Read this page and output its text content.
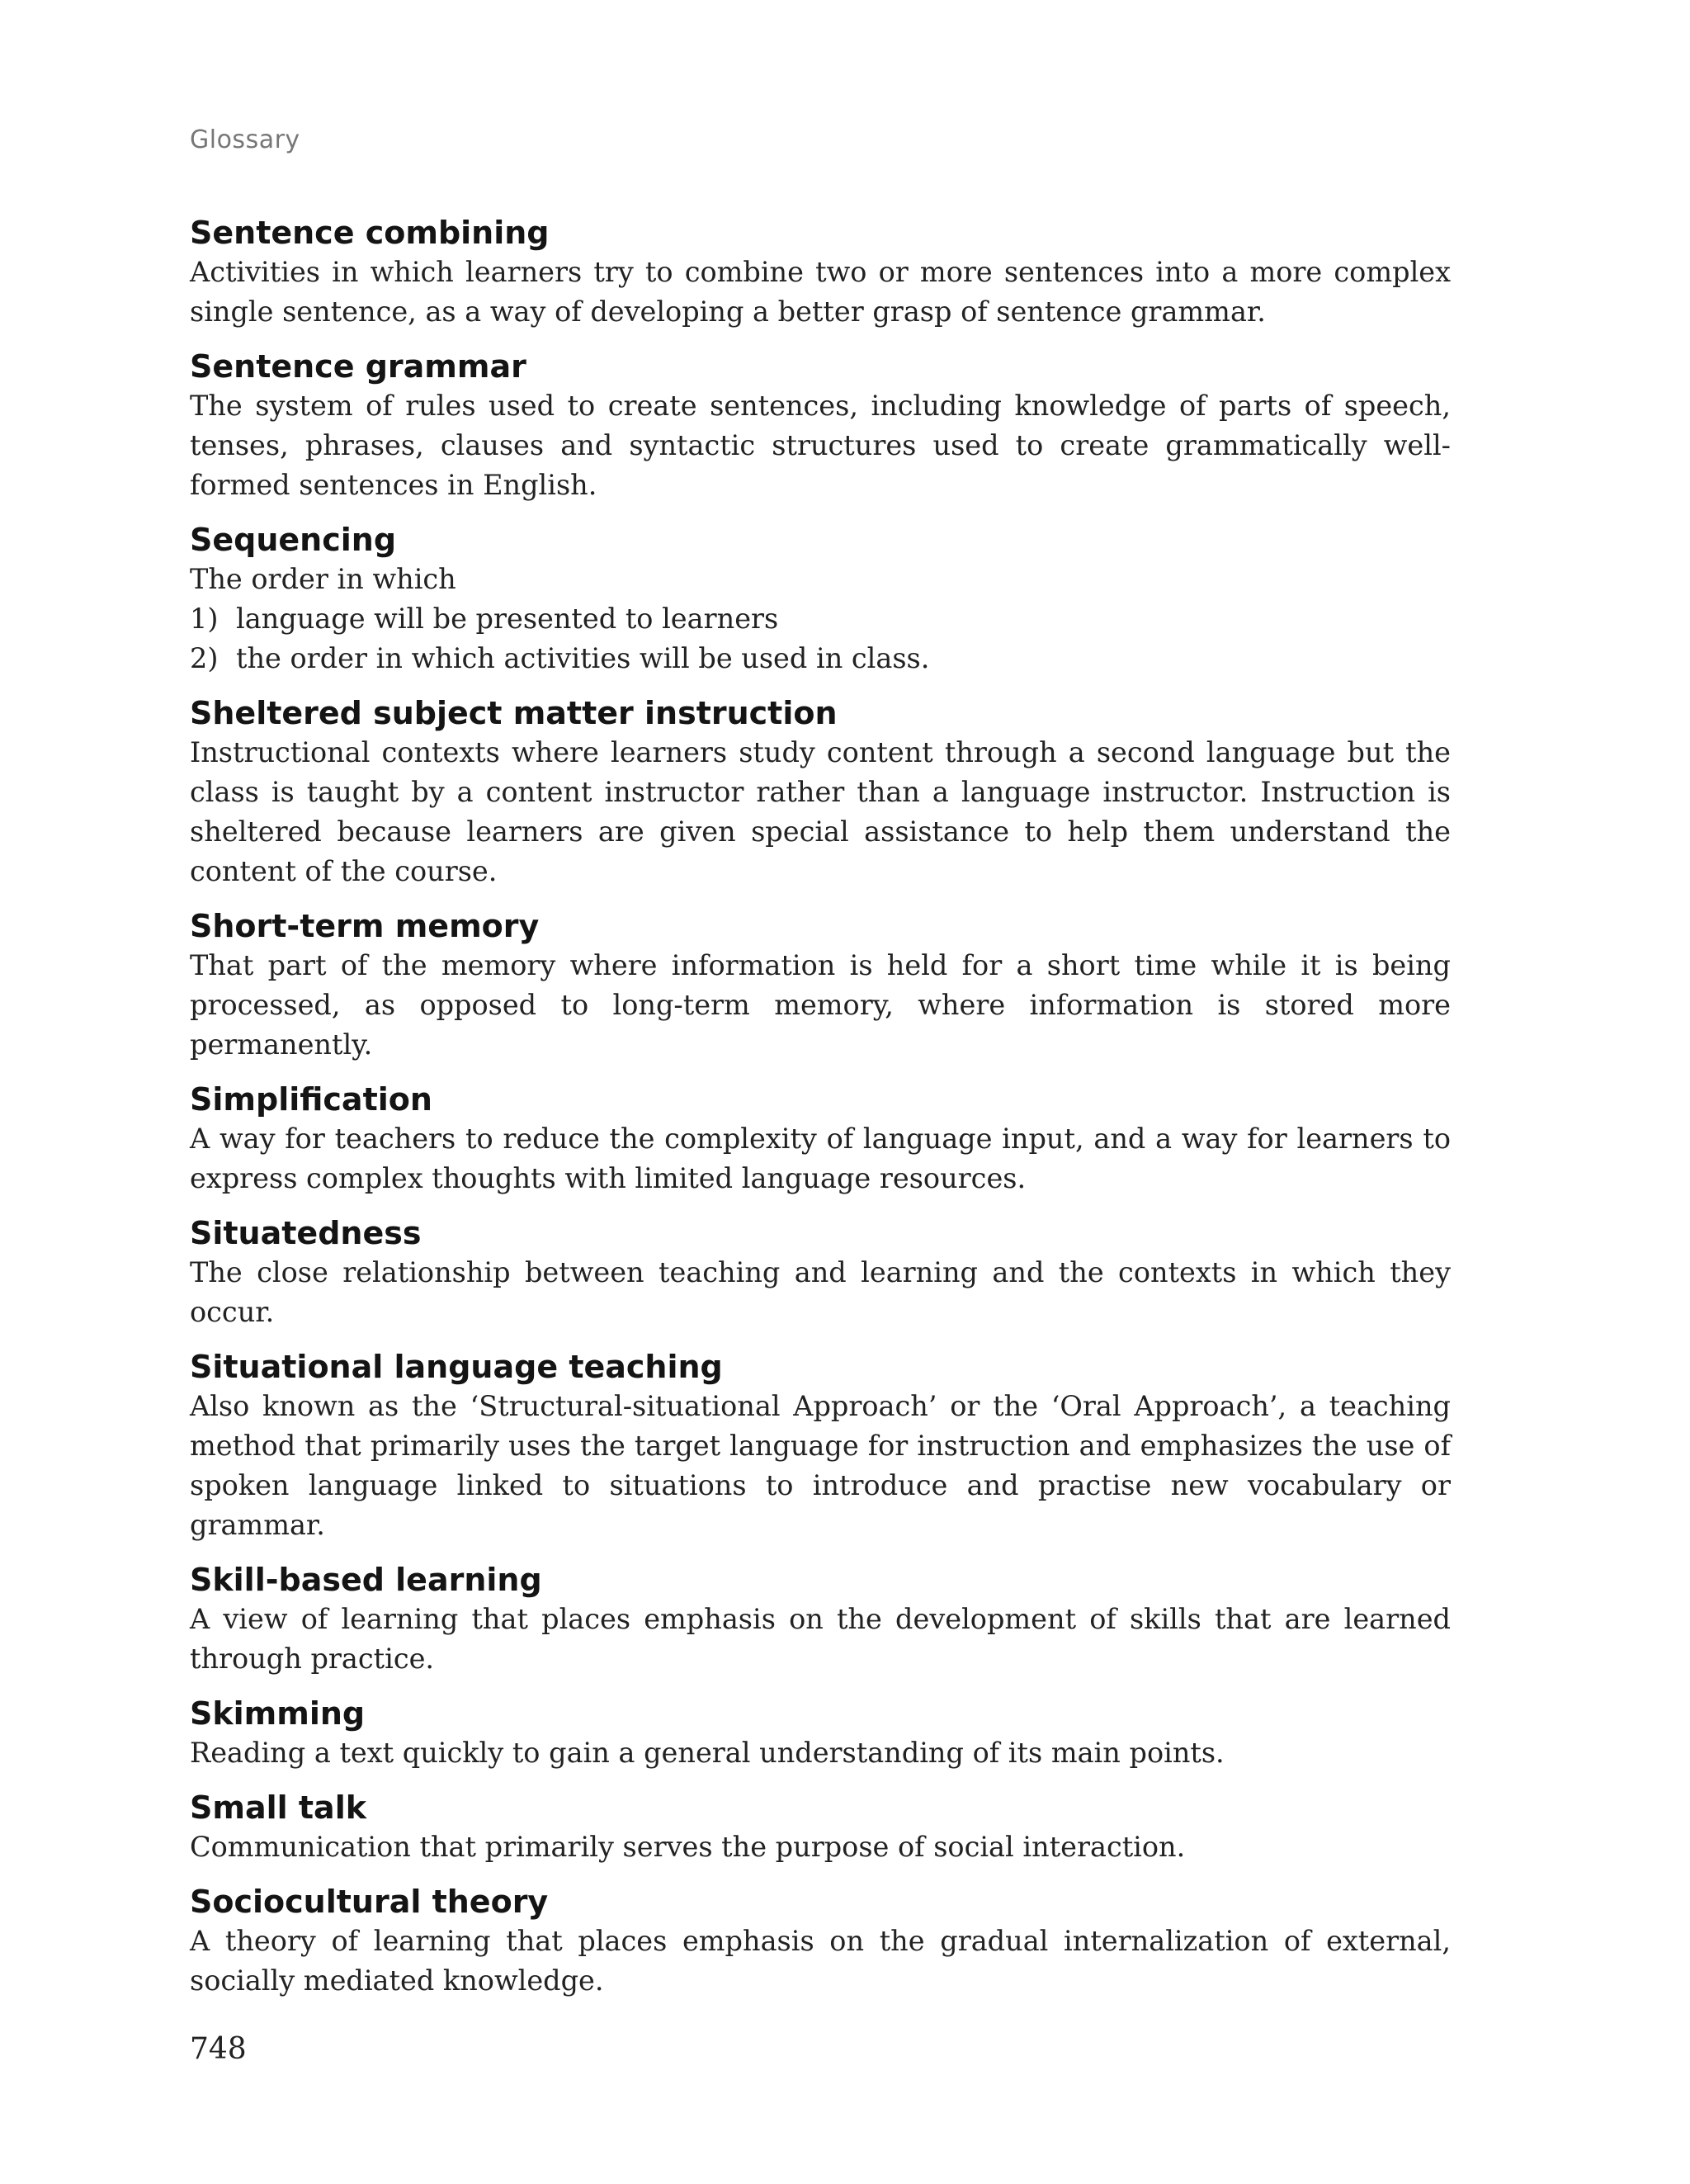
Glossary

Sentence combining

Activities in which learners try to combine two or more sentences into a more complex single sentence, as a way of developing a better grasp of sentence grammar.

Sentence grammar

The system of rules used to create sentences, including knowledge of parts of speech, tenses, phrases, clauses and syntactic structures used to create grammatically well-formed sentences in English.

Sequencing

The order in which

1) language will be presented to learners

2) the order in which activities will be used in class.

Sheltered subject matter instruction

Instructional contexts where learners study content through a second language but the class is taught by a content instructor rather than a language instructor. Instruction is sheltered because learners are given special assistance to help them understand the content of the course.

Short-term memory

That part of the memory where information is held for a short time while it is being processed, as opposed to long-term memory, where information is stored more permanently.

Simplification

A way for teachers to reduce the complexity of language input, and a way for learners to express complex thoughts with limited language resources.

Situatedness

The close relationship between teaching and learning and the contexts in which they occur.

Situational language teaching

Also known as the ‘Structural-situational Approach’ or the ‘Oral Approach’, a teaching method that primarily uses the target language for instruction and emphasizes the use of spoken language linked to situations to introduce and practise new vocabulary or grammar.

Skill-based learning

A view of learning that places emphasis on the development of skills that are learned through practice.

Skimming

Reading a text quickly to gain a general understanding of its main points.

Small talk

Communication that primarily serves the purpose of social interaction.

Sociocultural theory

A theory of learning that places emphasis on the gradual internalization of external, socially mediated knowledge.

748
